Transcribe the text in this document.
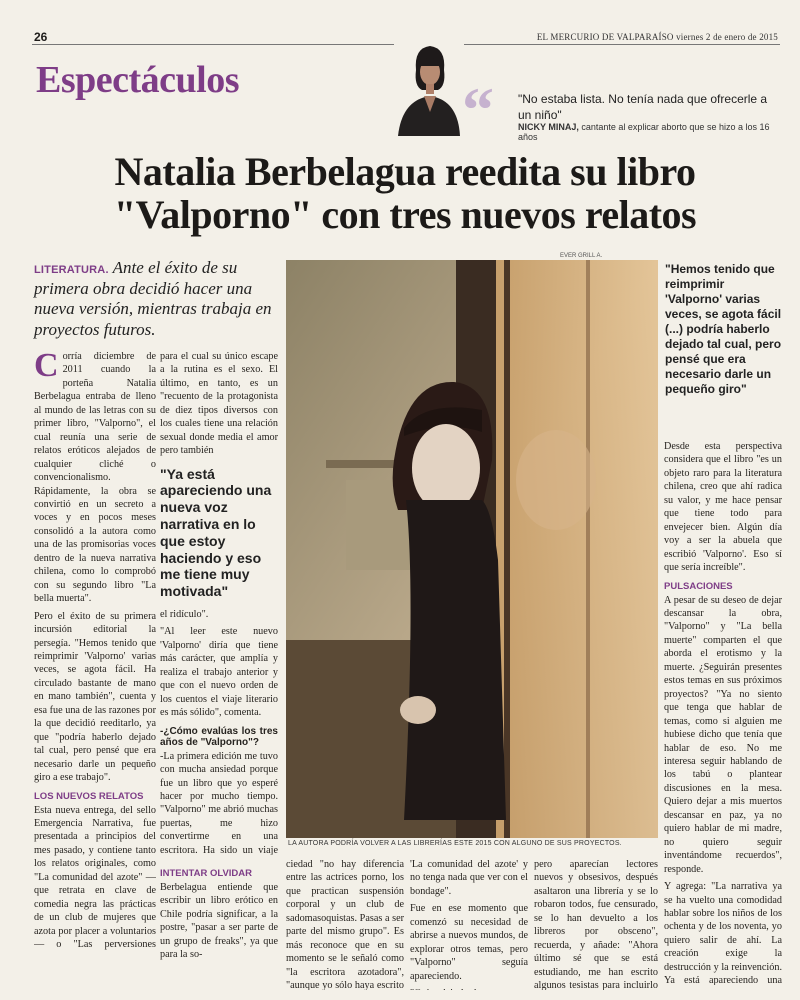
26	EL MERCURIO DE VALPARAÍSO viernes 2 de enero de 2015
Espectáculos	“ "No estaba lista. No tenía nada que ofrecerle a un niño"
NICKY MINAJ, cantante al explicar aborto que se hizo a los 16 años
Natalia Berbelagua reedita su libro "Valporno" con tres nuevos relatos
LITERATURA. Ante el éxito de su primera obra decidió hacer una nueva versión, mientras trabaja en proyectos futuros.

Corría diciembre de 2011 cuando la porteña Natalia Berbelagua entraba de lleno al mundo de las letras con su primer libro, "Valporno", el cual reunía una serie de relatos eróticos alejados de cualquier cliché o convencionalismo. Rápidamente, la obra se convirtió en un secreto a voces y en pocos meses consolidó a la autora como una de las promisorias voces dentro de la nueva narrativa chilena, como lo comprobó con su segundo libro "La bella muerta".

Pero el éxito de su primera incursión editorial la persegía. "Hemos tenido que reimprimir 'Valporno' varias veces, se agota fácil. Ha circulado bastante de mano en mano también", cuenta y esa fue una de las razones por la que decidió reeditarlo, ya que "podría haberlo dejado tal cual, pero pensé que era necesario darle un pequeño giro a ese trabajo".

LOS NUEVOS RELATOS

Esta nueva entrega, del sello Emergencia Narrativa, fue presentada a principios del mes pasado, y contiene tanto los relatos originales, como "La comunidad del azote" —que retrata en clave de comedia negra las prácticas de un club de mujeres que azota por placer a voluntarios— o "Las perversiones

para el cual su único escape a la rutina es el sexo. El último, en tanto, es un "recuento de la protagonista de diez tipos diversos con los cuales tiene una relación sexual donde media el amor pero también

"Ya está apareciendo una nueva voz narrativa en lo que estoy haciendo y eso me tiene muy motivada"

el ridículo".

"Al leer este nuevo 'Valporno' diría que tiene más carácter, que amplía y realiza el trabajo anterior y que con el nuevo orden de los cuentos el viaje literario es más sólido", comenta.

-¿Cómo evalúas los tres años de "Valporno"?

-La primera edición me tuvo con mucha ansiedad porque fue un libro que yo esperé hacer por mucho tiempo. "Valporno" me abrió muchas puertas, me hizo convertirme en una escritora. Ha sido un viaje

EVER GRILL A.
LA AUTORA PODRÍA VOLVER A LAS LIBRERÍAS ESTE 2015 CON ALGUNO DE SUS PROYECTOS.
"Hemos tenido que reimprimir 'Valporno' varias veces, se agota fácil (...) podría haberlo dejado tal cual, pero pensé que era necesario darle un pequeño giro"

Desde esta perspectiva considera que el libro "es un objeto raro para la literatura chilena, creo que ahí radica su valor, y me hace pensar que tiene todo para envejecer bien. Algún día voy a ser la abuela que escribió 'Valporno'. Eso sí que sería increíble".

PULSACIONES

A pesar de su deseo de dejar descansar la obra, "Valporno" y "La bella muerte" comparten el que aborda el erotismo y la muerte. ¿Seguirán presentes estos temas en sus próximos proyectos? "Ya no siento que tenga que hablar de temas, como si alguien me hubiese dicho que tenía que hablar de eso. No me interesa seguir hablando de los tabú o plantear discusiones en la mesa. Quiero dejar a mis muertos descansar en paz, ya no quiero hablar de mi madre, no quiero seguir inventándome recuerdos", responde.

Y agrega: "La narrativa ya se ha vuelto una comodidad hablar sobre los niños de los ochenta y de los noventa, yo quiero salir de ahí. La creación exige la destrucción y la reinvención. Ya está apareciendo una

ciedad "no hay diferencia entre las actrices porno, los que practican suspensión corporal y un club de sadomasoquistas. Pasas a ser parte del mismo grupo". Es más reconoce que en su momento se le señaló como "la escritora azotadora", "aunque yo sólo haya escrito

INTENTAR OLVIDAR

Berbelagua entiende que escribir un libro erótico en Chile podría significar, a la postre, "pasar a ser parte de un grupo de freaks", ya que para la so-

'La comunidad del azote' y no tenga nada que ver con el bondage".

Fue en ese momento que comenzó su necesidad de abrirse a nuevos mundos, de explorar otros temas, pero "Valporno" seguía apareciendo.

pero aparecían lectores nuevos y obsesivos, después asaltaron una librería y se lo robaron todos, fue censurado, se lo han devuelto a los libreros por obsceno", recuerda, y añade: "Ahora último sé que se está estudiando, me han escrito algunos tesistas para incluirlo
